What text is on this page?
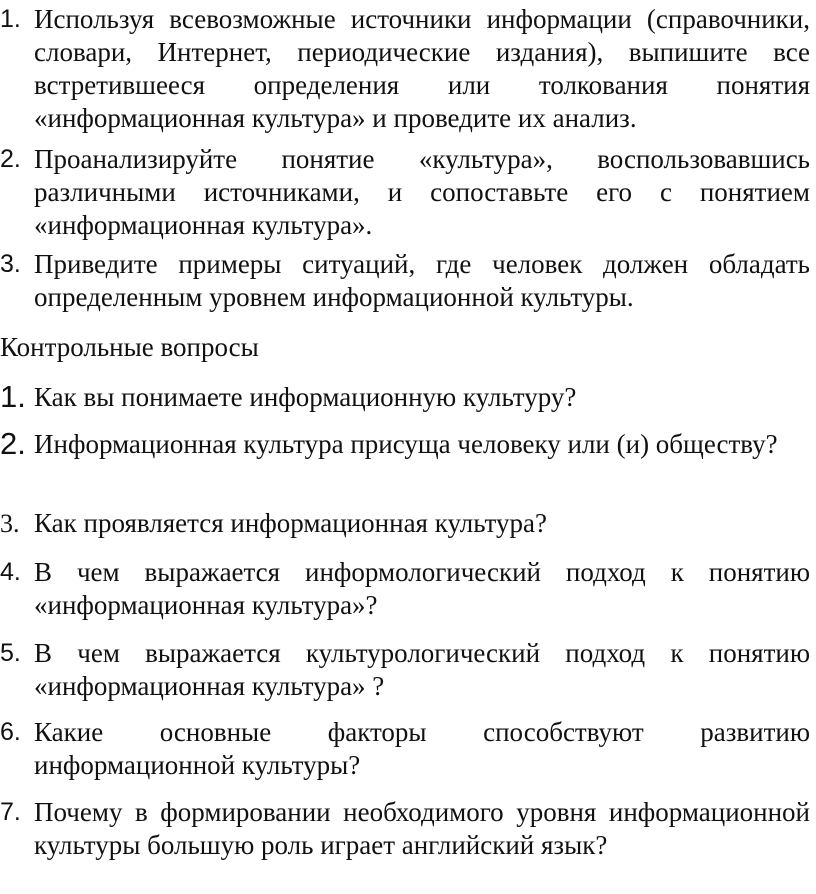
1. Используя всевозможные источники информации (справочники, словари, Интернет, периодические издания), выпишите все встретившееся определения или толкования понятия «информационная культура» и проведите их анализ.
2. Проанализируйте понятие «культура», воспользовавшись различными источниками, и сопоставьте его с понятием «информационная культура».
3. Приведите примеры ситуаций, где человек должен обладать определенным уровнем информационной культуры.
Контрольные вопросы
1. Как вы понимаете информационную культуру?
2. Информационная культура присуща человеку или (и) обществу?
3. Как проявляется информационная культура?
4. В чем выражается информологический подход к понятию «информационная культура»?
5. В чем выражается культурологический подход к понятию «информационная культура» ?
6. Какие основные факторы способствуют развитию информационной культуры?
7. Почему в формировании необходимого уровня информационной культуры большую роль играет английский язык?
